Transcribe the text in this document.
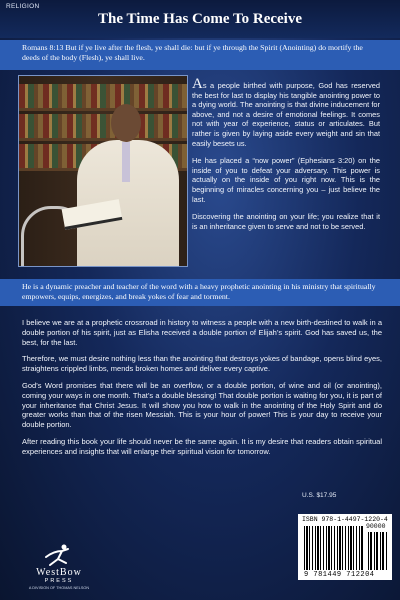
RELIGION
The Time Has Come To Receive

Romans 8:13 But if ye live after the flesh, ye shall die: but if ye through the Spirit (Anointing) do mortify the deeds of the body (Flesh), ye shall live.

As a people birthed with purpose, God has reserved the best for last to display his tangible anointing power to a dying world. The anointing is that divine inducement for above, and not a desire of emotional feelings. It comes not with year of experience, status or articulates. But rather is given by laying aside every weight and sin that easily besets us.

He has placed a “now power” (Ephesians 3:20) on the inside of you to defeat your adversary. This power is actually on the inside of you right now. This is the beginning of miracles concerning you – just believe the last.

Discovering the anointing on your life; you realize that it is an inheritance given to serve and not to be served.

He is a dynamic preacher and teacher of the word with a heavy prophetic anointing in his ministry that spiritually empowers, equips, energizes, and break yokes of fear and torment.

I believe we are at a prophetic crossroad in history to witness a people with a new birth-destined to walk in a double portion of his spirit, just as Elisha received a double portion of Elijah’s spirit. God has saved us, the best, for the last.

Therefore, we must desire nothing less than the anointing that destroys yokes of bandage, opens blind eyes, straightens crippled limbs, mends broken homes and deliver every captive.

God’s Word promises that there will be an overflow, or a double portion, of wine and oil (or anointing), coming your ways in one month. That’s a double blessing! That double portion is waiting for you, it is part of your inheritance that Christ Jesus. It will show you how to walk in the anointing of the Holy Spirit and do greater works than that of the risen Messiah. This is your hour of power! This is your day to receive your double portion.

After reading this book your life should never be the same again. It is my desire that readers obtain spiritual experiences and insights that will enlarge their spiritual vision for tomorrow.

U.S. $17.95
ISBN 978-1-4497-1220-4
90000
9 781449 712204
WestBow
PRESS
A DIVISION OF THOMAS NELSON
